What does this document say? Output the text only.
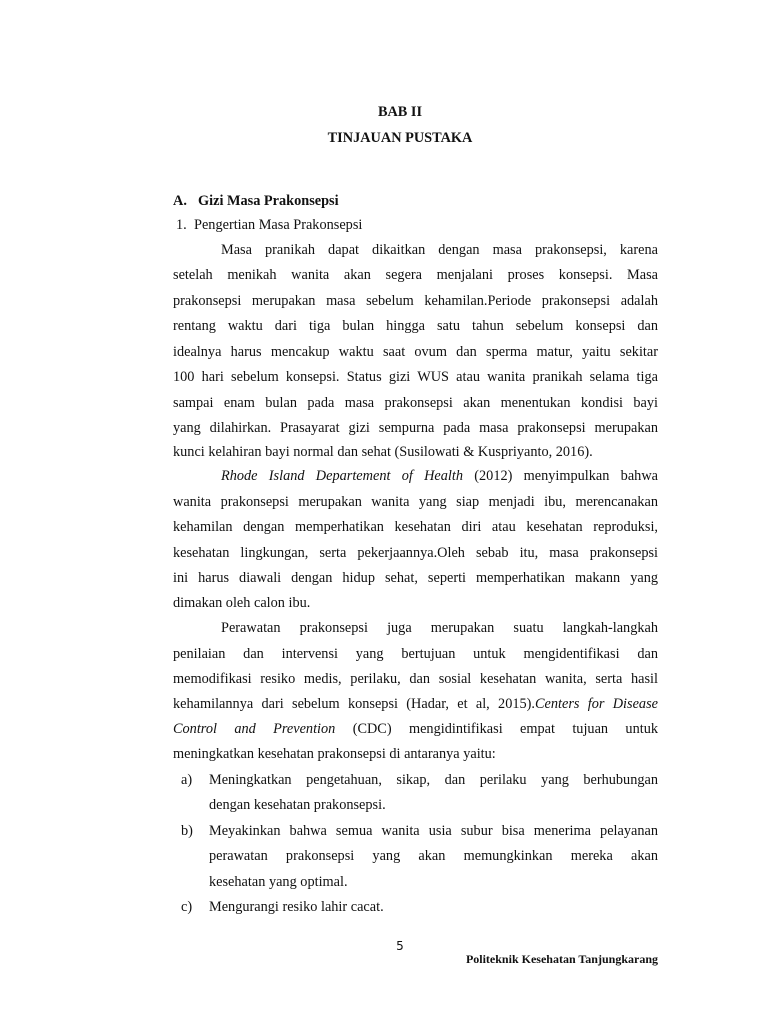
BAB II
TINJAUAN PUSTAKA
A. Gizi Masa Prakonsepsi
1. Pengertian Masa Prakonsepsi
Masa pranikah dapat dikaitkan dengan masa prakonsepsi, karena
setelah menikah wanita akan segera menjalani proses konsepsi. Masa
prakonsepsi merupakan masa sebelum kehamilan.Periode prakonsepsi adalah
rentang waktu dari tiga bulan hingga satu tahun sebelum konsepsi dan
idealnya harus mencakup waktu saat ovum dan sperma matur, yaitu sekitar
100 hari sebelum konsepsi. Status gizi WUS atau wanita pranikah selama tiga
sampai enam bulan pada masa prakonsepsi akan menentukan kondisi bayi
yang dilahirkan. Prasayarat gizi sempurna pada masa prakonsepsi merupakan
kunci kelahiran bayi normal dan sehat (Susilowati & Kuspriyanto, 2016).
Rhode Island Departement of Health (2012) menyimpulkan bahwa
wanita prakonsepsi merupakan wanita yang siap menjadi ibu, merencanakan
kehamilan dengan memperhatikan kesehatan diri atau kesehatan reproduksi,
kesehatan lingkungan, serta pekerjaannya.Oleh sebab itu, masa prakonsepsi
ini harus diawali dengan hidup sehat, seperti memperhatikan makann yang
dimakan oleh calon ibu.
Perawatan prakonsepsi juga merupakan suatu langkah-langkah
penilaian dan intervensi yang bertujuan untuk mengidentifikasi dan
memodifikasi resiko medis, perilaku, dan sosial kesehatan wanita, serta hasil
kehamilannya dari sebelum konsepsi (Hadar, et al, 2015).Centers for Disease
Control and Prevention (CDC) mengidintifikasi empat tujuan untuk
meningkatkan kesehatan prakonsepsi di antaranya yaitu:
a)	Meningkatkan pengetahuan, sikap, dan perilaku yang berhubungan
dengan kesehatan prakonsepsi.
b)	Meyakinkan bahwa semua wanita usia subur bisa menerima pelayanan
perawatan prakonsepsi yang akan memungkinkan mereka akan
kesehatan yang optimal.
c)	Mengurangi resiko lahir cacat.
5
Politeknik Kesehatan Tanjungkarang
